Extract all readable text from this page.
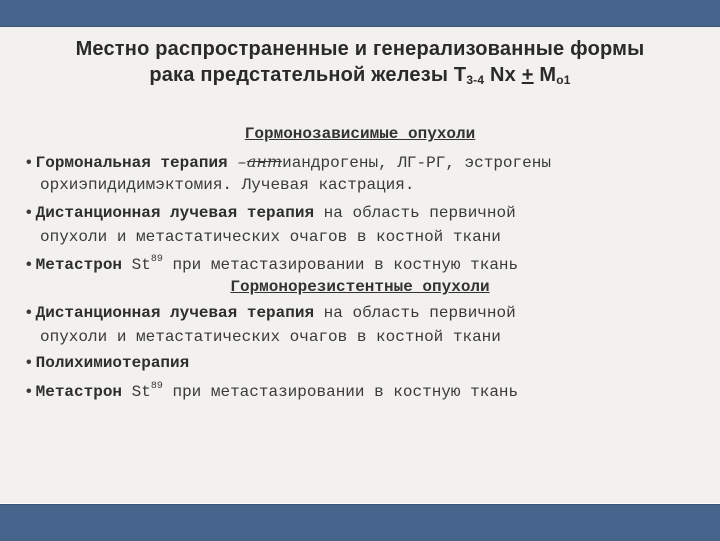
Местно распространенные и генерализованные формы
рака предстательной железы $Т_{3-4}$ $Nx + М_{о1}$
Гормонозависимые опухоли
• Гормональная терапия –антиандрогены, ЛГ-РГ, эстрогены
орхиэпидидимэктомия. Лучевая кастрация.
• Дистанционная лучевая терапия на область первичной
опухоли и метастатических очагов в костной ткани
• Метастрон St$^{89}$ при метастазировании в костную ткань
Гормонорезистентные опухоли
• Дистанционная лучевая терапия на область первичной
опухоли и метастатических очагов в костной ткани
• Полихимиотерапия
• Метастрон St$^{89}$ при метастазировании в костную ткань
